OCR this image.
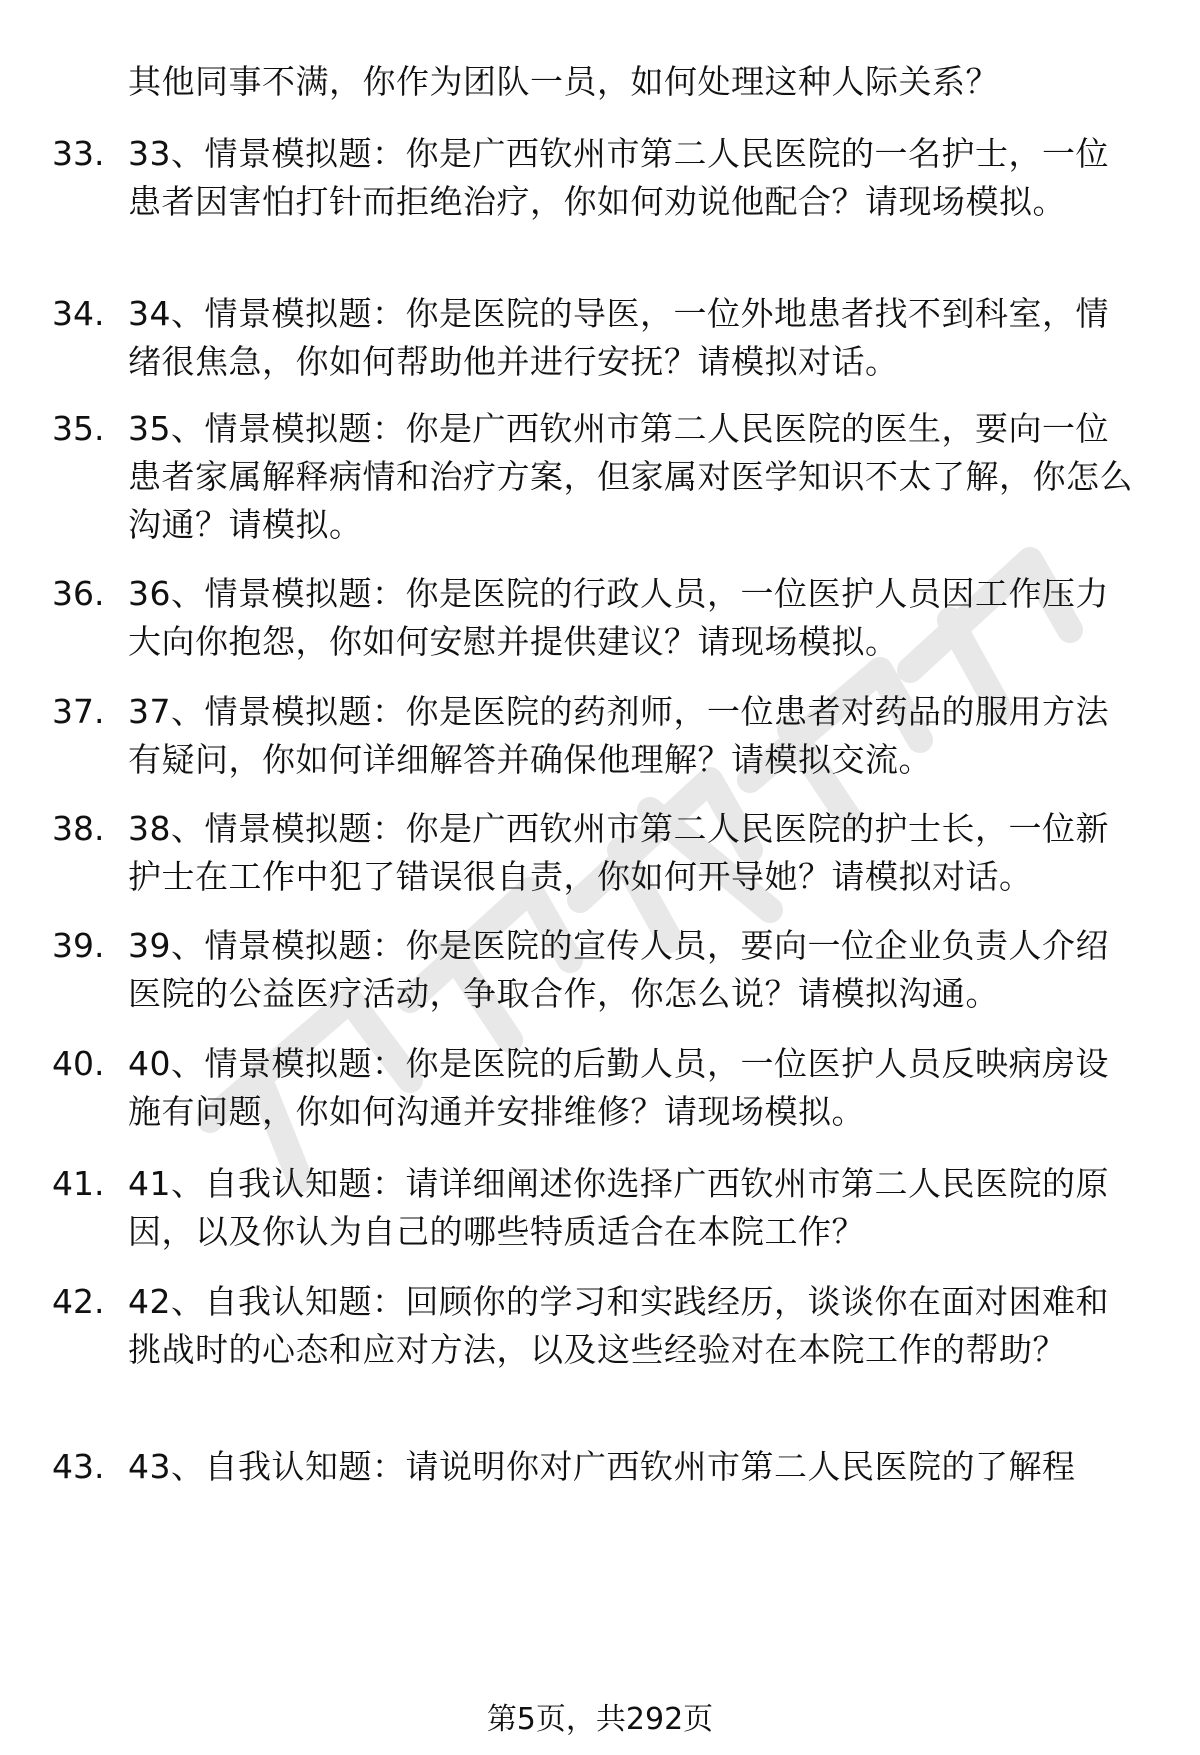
其他同事不满，你作为团队一员，如何处理这种人际关系？
33. 33、情景模拟题：你是广西钦州市第二人民医院的一名护士，一位患者因害怕打针而拒绝治疗，你如何劝说他配合？请现场模拟。
34. 34、情景模拟题：你是医院的导医，一位外地患者找不到科室，情绪很焦急，你如何帮助他并进行安抚？请模拟对话。
35. 35、情景模拟题：你是广西钦州市第二人民医院的医生，要向一位患者家属解释病情和治疗方案，但家属对医学知识不太了解，你怎么沟通？请模拟。
36. 36、情景模拟题：你是医院的行政人员，一位医护人员因工作压力大向你抱怨，你如何安慰并提供建议？请现场模拟。
37. 37、情景模拟题：你是医院的药剂师，一位患者对药品的服用方法有疑问，你如何详细解答并确保他理解？请模拟交流。
38. 38、情景模拟题：你是广西钦州市第二人民医院的护士长，一位新护士在工作中犯了错误很自责，你如何开导她？请模拟对话。
39. 39、情景模拟题：你是医院的宣传人员，要向一位企业负责人介绍医院的公益医疗活动，争取合作，你怎么说？请模拟沟通。
40. 40、情景模拟题：你是医院的后勤人员，一位医护人员反映病房设施有问题，你如何沟通并安排维修？请现场模拟。
41. 41、自我认知题：请详细阐述你选择广西钦州市第二人民医院的原因，以及你认为自己的哪些特质适合在本院工作？
42. 42、自我认知题：回顾你的学习和实践经历，谈谈你在面对困难和挑战时的心态和应对方法，以及这些经验对在本院工作的帮助？
43. 43、自我认知题：请说明你对广西钦州市第二人民医院的了解程
第5页，共292页
